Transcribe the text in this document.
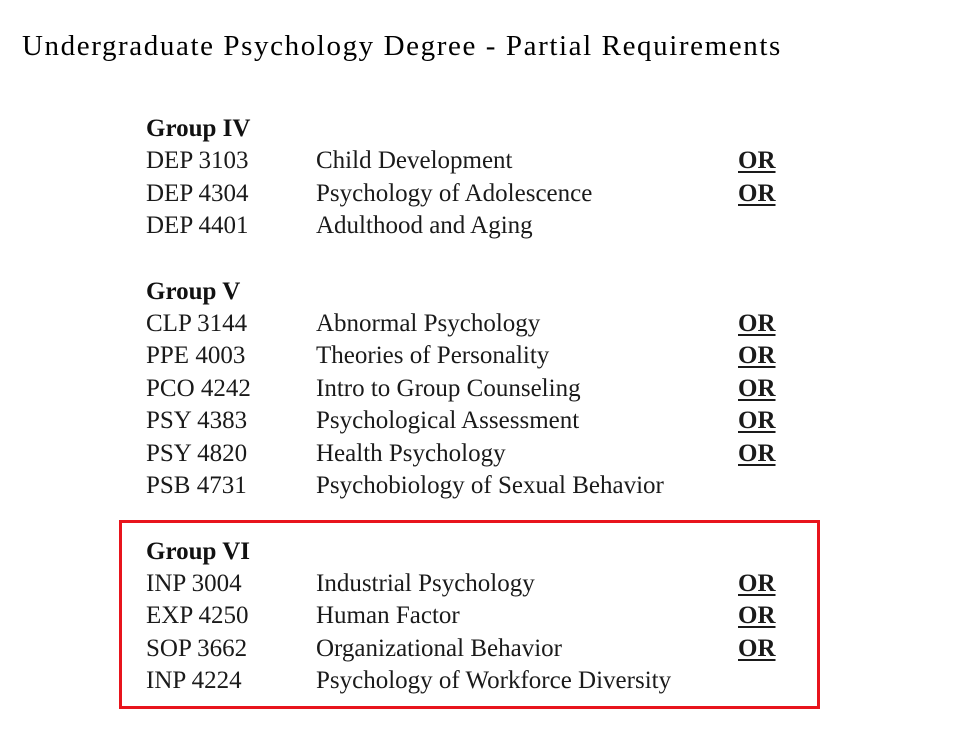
Undergraduate Psychology Degree - Partial Requirements
Group IV
DEP 3103	Child Development	OR
DEP 4304	Psychology of Adolescence	OR
DEP 4401	Adulthood and Aging
Group V
CLP 3144	Abnormal Psychology	OR
PPE 4003	Theories of Personality	OR
PCO 4242	Intro to Group Counseling	OR
PSY 4383	Psychological Assessment	OR
PSY 4820	Health Psychology	OR
PSB 4731	Psychobiology of Sexual Behavior
Group VI
INP 3004	Industrial Psychology	OR
EXP 4250	Human Factor	OR
SOP 3662	Organizational Behavior	OR
INP 4224	Psychology of Workforce Diversity
